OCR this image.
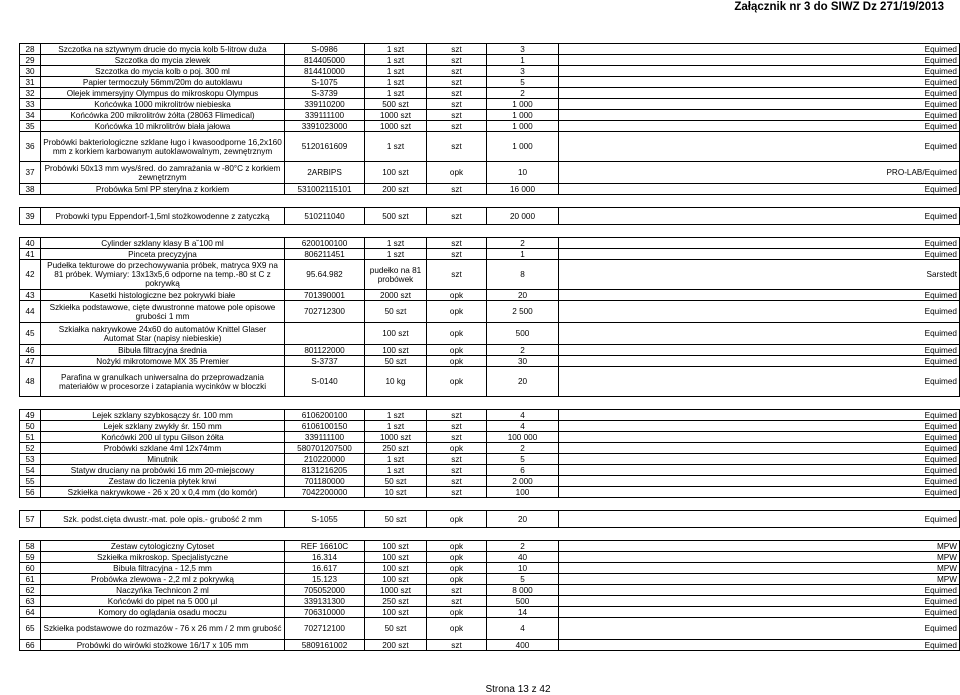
Załącznik nr 3 do SIWZ Dz 271/19/2013
28	Szczotka na sztywnym drucie do mycia kolb 5-litrow duża	S-0986	1 szt	szt	3	Equimed
29	Szczotka do mycia zlewek	814405000	1 szt	szt	1	Equimed
30	Szczotka do mycia kolb o poj. 300 ml	814410000	1 szt	szt	3	Equimed
31	Papier termoczuły 56mm/20m do autoklawu	S-1075	1 szt	szt	5	Equimed
32	Olejek immersyjny Olympus do mikroskopu Olympus	S-3739	1 szt	szt	2	Equimed
33	Końcówka 1000 mikrolitrów niebieska	339110200	500 szt	szt	1 000	Equimed
34	Końcówka 200 mikrolitrów żółta (28063 Flimedical)	339111100	1000 szt	szt	1 000	Equimed
35	Końcówka 10 mikrolitrów biała jałowa	3391023000	1000 szt	szt	1 000	Equimed
36	Probówki bakteriologiczne szklane ługo i kwasoodporne 16,2x160 mm z korkiem karbowanym autoklawowalnym, zewnętrznym	5120161609	1 szt	szt	1 000	Equimed
37	Probówki 50x13 mm wys/śred. do zamrażania w -80°C z korkiem zewnętrznym	2ARBIPS	100 szt	opk	10	PRO-LAB/Equimed
38	Probówka 5ml PP sterylna z korkiem	531002115101	200 szt	szt	16 000	Equimed

39	Probowki typu Eppendorf-1,5ml stożkowodenne z zatyczką	510211040	500 szt	szt	20 000	Equimed

40	Cylinder szklany klasy B a˘100 ml	6200100100	1 szt	szt	2	Equimed
41	Pinceta precyzyjna	806211451	1 szt	szt	1	Equimed
42	Pudełka tekturowe do przechowywania próbek, matryca 9X9 na 81 próbek. Wymiary: 13x13x5,6 odporne na temp.-80 st C z pokrywką	95.64.982	pudełko na 81 probówek	szt	8	Sarstedt
43	Kasetki histologiczne bez pokrywki białe	701390001	2000 szt	opk	20	Equimed
44	Szkiełka podstawowe, cięte dwustronne matowe pole opisowe grubości 1 mm	702712300	50 szt	opk	2 500	Equimed
45	Szkiałka nakrywkowe 24x60 do automatów Knittel Glaser Automat Star (napisy niebieskie)		100 szt	opk	500	Equimed
46	Bibuła filtracyjna średnia	801122000	100 szt	opk	2	Equimed
47	Nożyki mikrotomowe MX 35 Premier	S-3737	50 szt	opk	30	Equimed
48	Parafina w granulkach uniwersalna do przeprowadzania materiałów w procesorze i zatapiania wycinków w bloczki	S-0140	10 kg	opk	20	Equimed

49	Lejek szklany szybkosączy śr. 100 mm	6106200100	1 szt	szt	4	Equimed
50	Lejek szklany zwykły śr. 150 mm	6106100150	1 szt	szt	4	Equimed
51	Końcówki 200 ul typu Gilson żółta	339111100	1000 szt	szt	100 000	Equimed
52	Probówki szklane 4ml 12x74mm	580701207500	250 szt	opk	2	Equimed
53	Minutnik	210220000	1 szt	szt	5	Equimed
54	Statyw druciany na probówki 16 mm 20-miejscowy	8131216205	1 szt	szt	6	Equimed
55	Zestaw do liczenia płytek krwi	701180000	50 szt	szt	2 000	Equimed
56	Szkiełka nakrywkowe - 26 x 20 x 0,4 mm (do komór)	7042200000	10 szt	szt	100	Equimed

57	Szk. podst.cięta dwustr.-mat. pole opis.- grubość 2 mm	S-1055	50 szt	opk	20	Equimed

58	Zestaw cytologiczny Cytoset	REF 16610C	100 szt	opk	2	MPW
59	Szkiełka mikroskop. Specjalistyczne	16.314	100 szt	opk	40	MPW
60	Bibuła filtracyjna - 12,5 mm	16.617	100 szt	opk	10	MPW
61	Probówka zlewowa - 2,2 ml z pokrywką	15.123	100 szt	opk	5	MPW
62	Naczyńka Technicon 2 ml	705052000	1000 szt	szt	8 000	Equimed
63	Końcówki do pipet na 5 000 µl	339131300	250 szt	szt	500	Equimed
64	Komory do oglądania osadu moczu	706310000	100 szt	opk	14	Equimed
65	Szkiełka podstawowe do rozmazów - 76 x 26 mm / 2 mm grubość	702712100	50 szt	opk	4	Equimed
66	Probówki do wirówki stożkowe 16/17 x 105 mm	5809161002	200 szt	szt	400	Equimed
Strona 13 z 42
